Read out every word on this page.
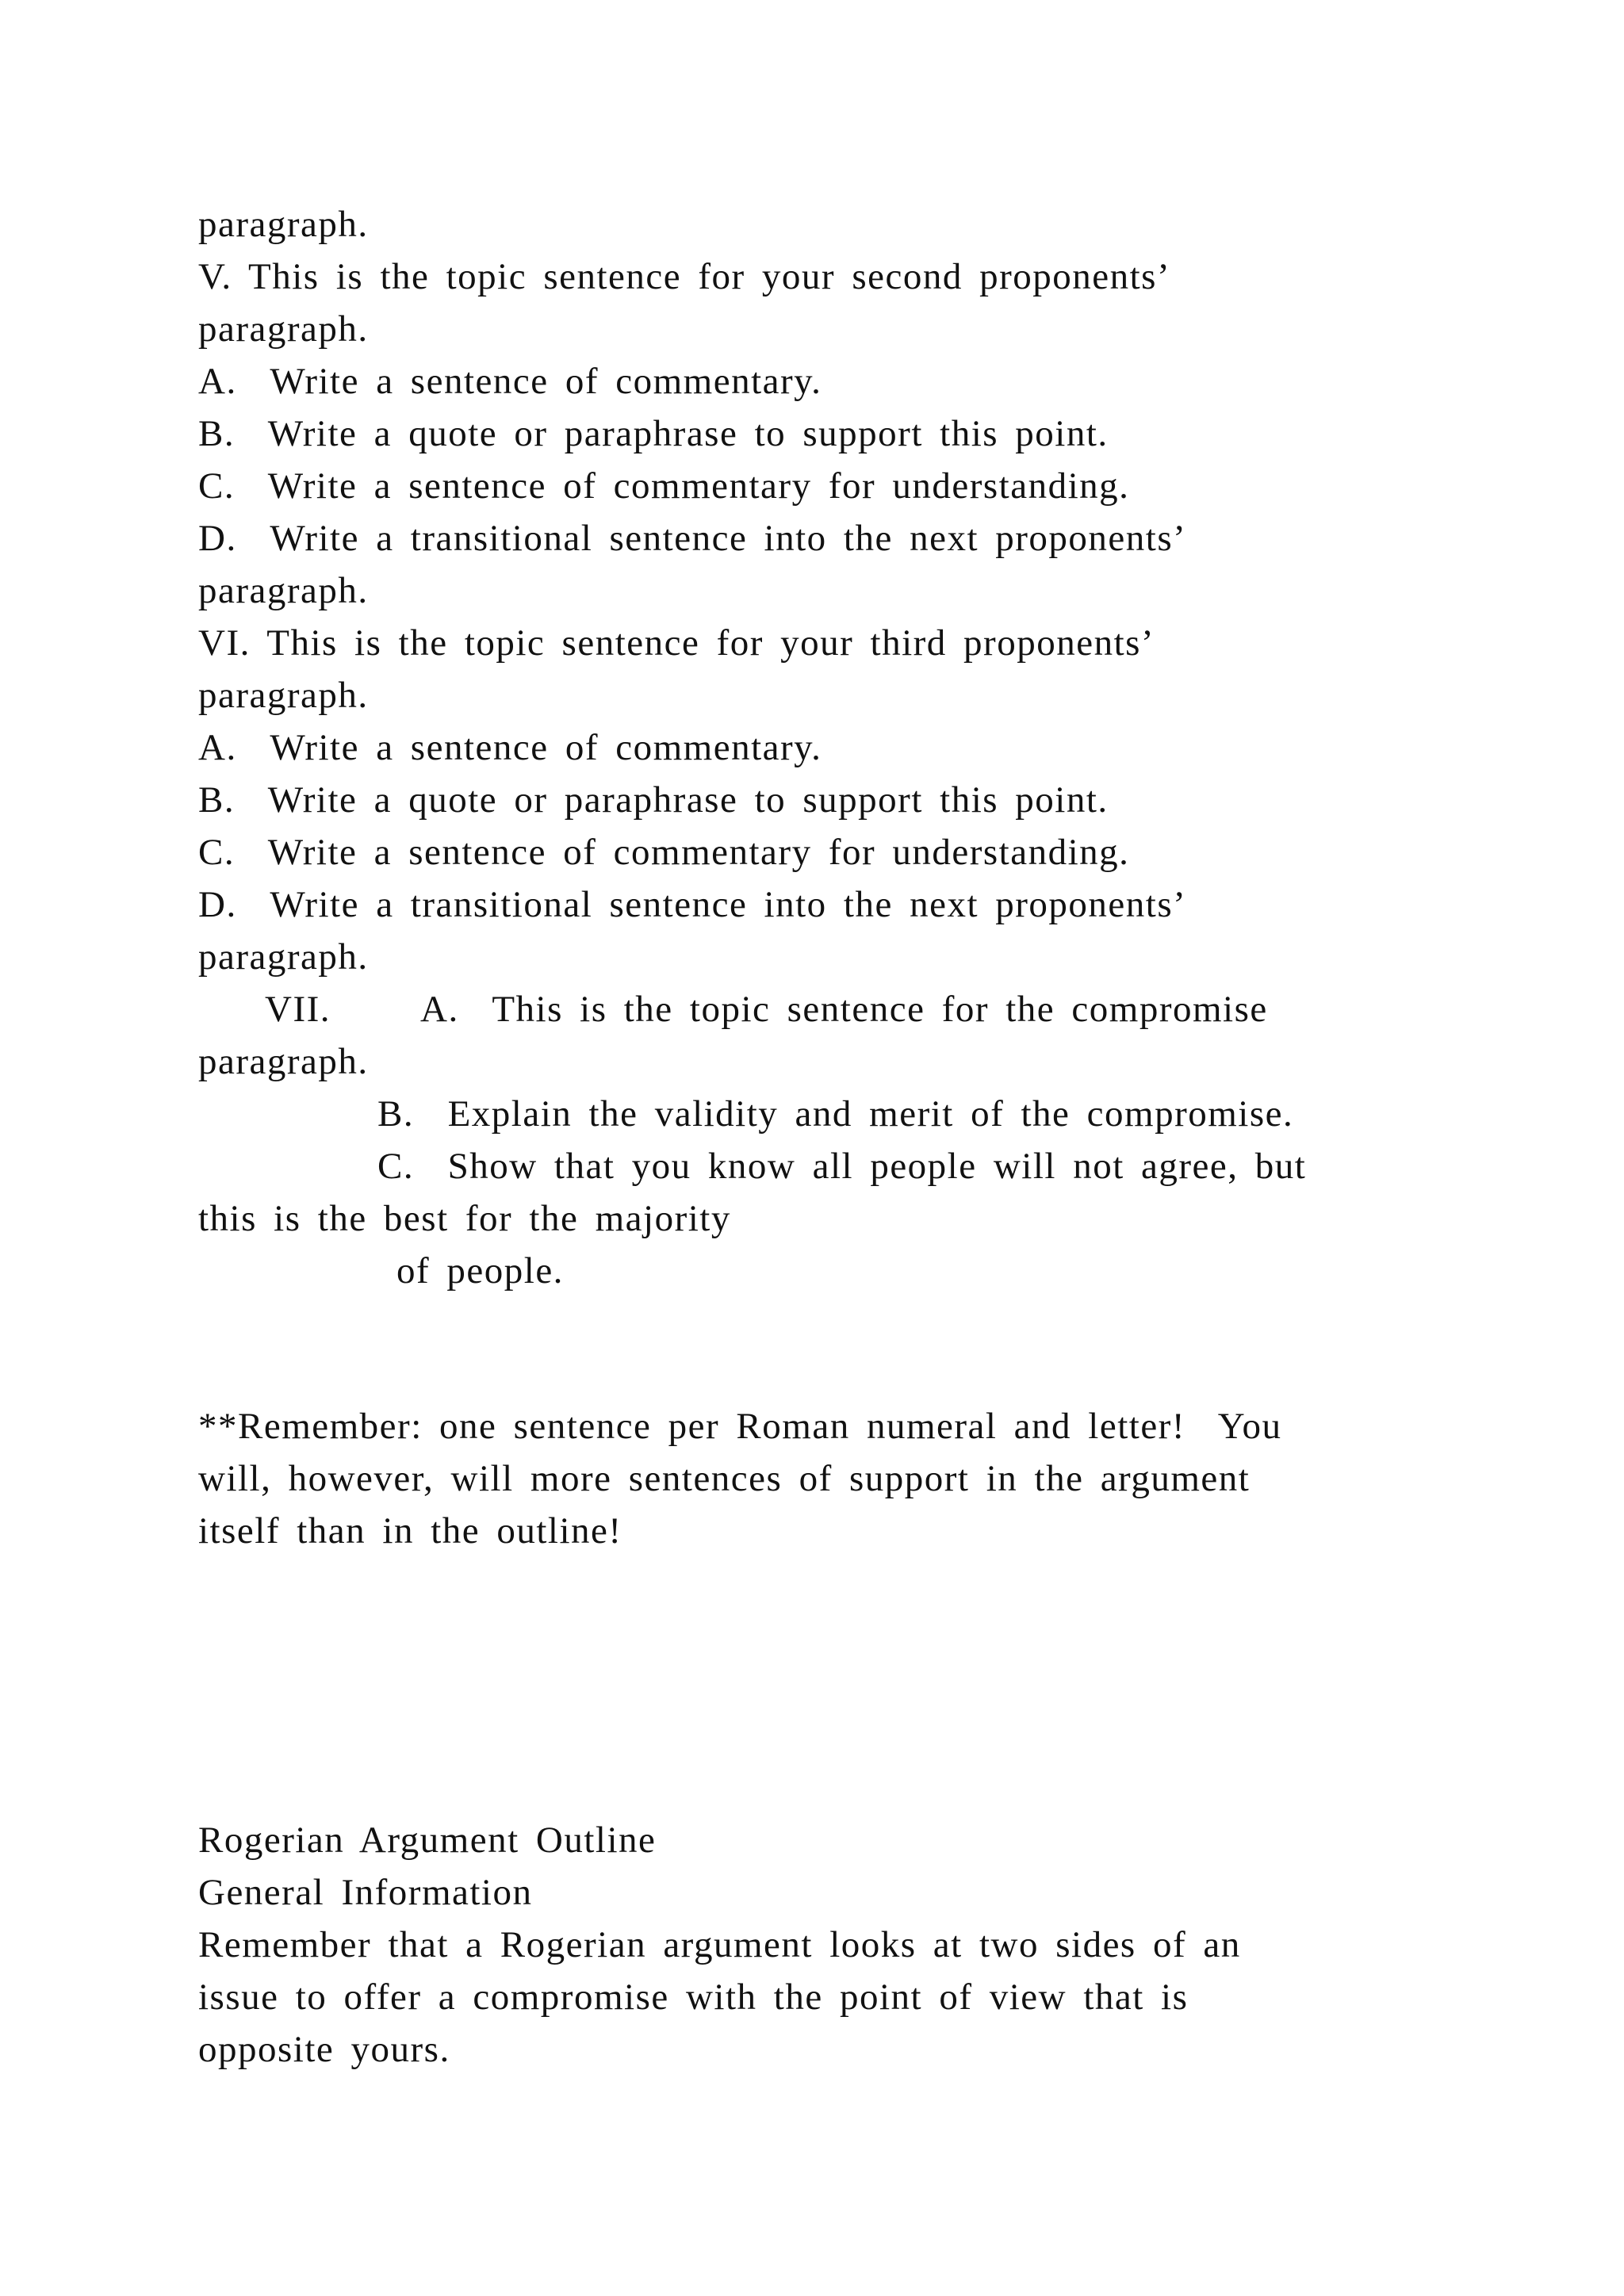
paragraph.
V. This is the topic sentence for your second proponents’
paragraph.
A.  Write a sentence of commentary.
B.  Write a quote or paraphrase to support this point.
C.  Write a sentence of commentary for understanding.
D.  Write a transitional sentence into the next proponents’
paragraph.
VI. This is the topic sentence for your third proponents’
paragraph.
A.  Write a sentence of commentary.
B.  Write a quote or paraphrase to support this point.
C.  Write a sentence of commentary for understanding.
D.  Write a transitional sentence into the next proponents’
paragraph.
VII. A.  This is the topic sentence for the compromise
paragraph.
B.  Explain the validity and merit of the compromise.
C.  Show that you know all people will not agree, but
this is the best for the majority
of people.
**Remember: one sentence per Roman numeral and letter!  You
will, however, will more sentences of support in the argument
itself than in the outline!
Rogerian Argument Outline
General Information
Remember that a Rogerian argument looks at two sides of an
issue to offer a compromise with the point of view that is
opposite yours.
